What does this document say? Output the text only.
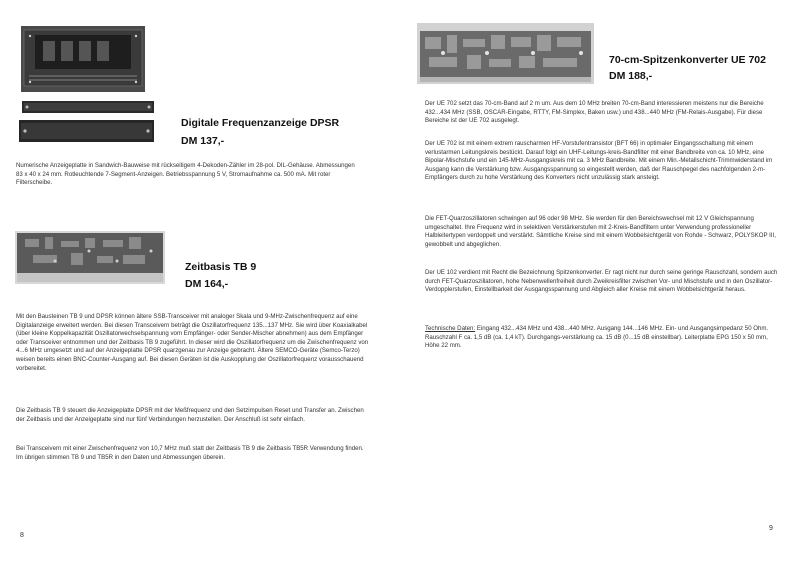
Digitale Frequenzanzeige DPSR

DM 137,-

Numerische Anzeigeplatte in Sandwich-Bauweise mit rückseitigem 4-Dekoden-Zähler im 28-pol. DIL-Gehäuse. Abmessungen 83 x 40 x 24 mm. Rotleuchtende 7-Segment-Anzeigen. Betriebsspannung 5 V, Stromaufnahme ca. 500 mA. Mit roter Filterscheibe.

Zeitbasis TB 9

DM 164,-

Mit den Bausteinen TB 9 und DPSR können ältere SSB-Transceiver mit analoger Skala und 9-MHz-Zwischenfrequenz auf eine Digitalanzeige erweitert werden. Bei diesen Transceivern beträgt die Oszillatorfrequenz 135...137 MHz. Sie wird über Koaxialkabel (über kleine Koppelkapazität Oszillatorwechselspannung vom Empfänger- oder Sender-Mischer abnehmen) aus dem Empfänger oder Transceiver entnommen und der Zeitbasis TB 9 zugeführt. In dieser wird die Oszillatorfrequenz um die Zwischenfrequenz von 4...6 MHz umgesetzt und auf der Anzeigeplatte DPSR quarzgenau zur Anzeige gebracht. Ältere SEMCO-Geräte (Semco-Terzo) weisen bereits einen BNC-Counter-Ausgang auf. Bei diesen Geräten ist die Auskopplung der Oszillatorfrequenz vorausschauend vorbereitet.

Die Zeitbasis TB 9 steuert die Anzeigeplatte DPSR mit der Meßfrequenz und den Setzimpulsen Reset und Transfer an. Zwischen der Zeitbasis und der Anzeigeplatte sind nur fünf Verbindungen herzustellen. Der Anschluß ist sehr einfach.

Bei Transceivern mit einer Zwischenfrequenz von 10,7 MHz muß statt der Zeitbasis TB 9 die Zeitbasis TB5R Verwendung finden. Im übrigen stimmen TB 9 und TB5R in den Daten und Abmessungen überein.

8

70-cm-Spitzenkonverter UE 702

DM 188,-

Der UE 702 setzt das 70-cm-Band auf 2 m um. Aus dem 10 MHz breiten 70-cm-Band interessieren meistens nur die Bereiche 432...434 MHz (SSB, OSCAR-Eingabe, RTTY, FM-Simplex, Baken usw.) und 438...440 MHz (FM-Relais-Ausgabe). Für diese Bereiche ist der UE 702 ausgelegt.

Der UE 702 ist mit einem extrem rauscharmen HF-Vorstufentransistor (BFT 66) in optimaler Eingangsschaltung mit einem verlustarmen Leitungskreis bestückt. Darauf folgt ein UHF-Leitungs-kreis-Bandfilter mit einer Bandbreite von ca. 10 MHz, eine Bipolar-Mischstufe und ein 145-MHz-Ausgangskreis mit ca. 3 MHz Bandbreite. Mit einem Min.-Metallschicht-Trimmwiderstand im Ausgang kann die Verstärkung bzw. Ausgangsspannung so eingestellt werden, daß der Rauschpegel des nachfolgenden 2-m-Empfängers durch zu hohe Verstärkung des Konverters nicht unzulässig stark ansteigt.

Die FET-Quarzoszillatoren schwingen auf 96 oder 98 MHz. Sie werden für den Bereichswechsel mit 12 V Gleichspannung umgeschaltet. Ihre Frequenz wird in selektiven Verstärkerstufen mit 2-Kreis-Bandfiltern unter Verwendung professioneller Halbleitertypen verdoppelt und verstärkt. Sämtliche Kreise sind mit einem Wobbelsichtgerät von Rohde - Schwarz, POLYSKOP III, gewobbelt und abgeglichen.

Der UE 102 verdient mit Recht die Bezeichnung Spitzenkonverter. Er ragt nicht nur durch seine geringe Rauschzahl, sondern auch durch FET-Quarzoszillatoren, hohe Nebenwellenfreiheit durch Zweikreisfilter zwischen Vor- und Mischstufe und in den Oszillator-Verdopplerstufen, Einstellbarkeit der Ausgangsspannung und Abgleich aller Kreise mit einem Wobbelsichtgerät heraus.

Technische Daten: Eingang 432...434 MHz und 438...440 MHz. Ausgang 144...146 MHz. Ein- und Ausgangsimpedanz 50 Ohm. Rauschzahl F ca. 1,5 dB (ca. 1,4 kT). Durchgangs-verstärkung ca. 15 dB (0...15 dB einstellbar). Leiterplatte EPG 150 x 50 mm, Höhe 22 mm.

9
